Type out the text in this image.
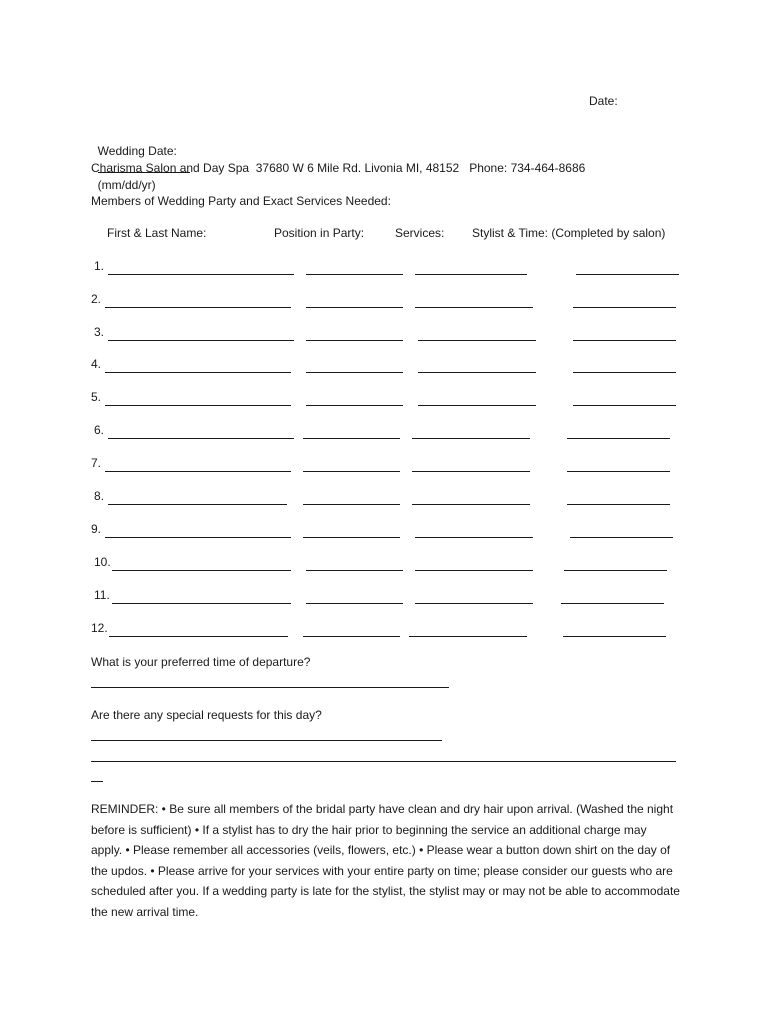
Date:

Wedding Date:

(mm/dd/yr)

Charisma Salon and Day Spa  37680 W 6 Mile Rd. Livonia MI, 48152   Phone: 734-464-8686
Members of Wedding Party and Exact Services Needed:
First & Last Name:	Position in Party:	Services: Stylist & Time: (Completed by salon)
1.
2.
3.
4.
5.
6.
7.
8.
9.
10.
11.
12.
What is your preferred time of departure?
Are there any special requests for this day?
REMINDER: • Be sure all members of the bridal party have clean and dry hair upon arrival. (Washed the night before is sufficient) • If a stylist has to dry the hair prior to beginning the service an additional charge may apply. • Please remember all accessories (veils, flowers, etc.) • Please wear a button down shirt on the day of the updos. • Please arrive for your services with your entire party on time; please consider our guests who are scheduled after you. If a wedding party is late for the stylist, the stylist may or may not be able to accommodate the new arrival time.
